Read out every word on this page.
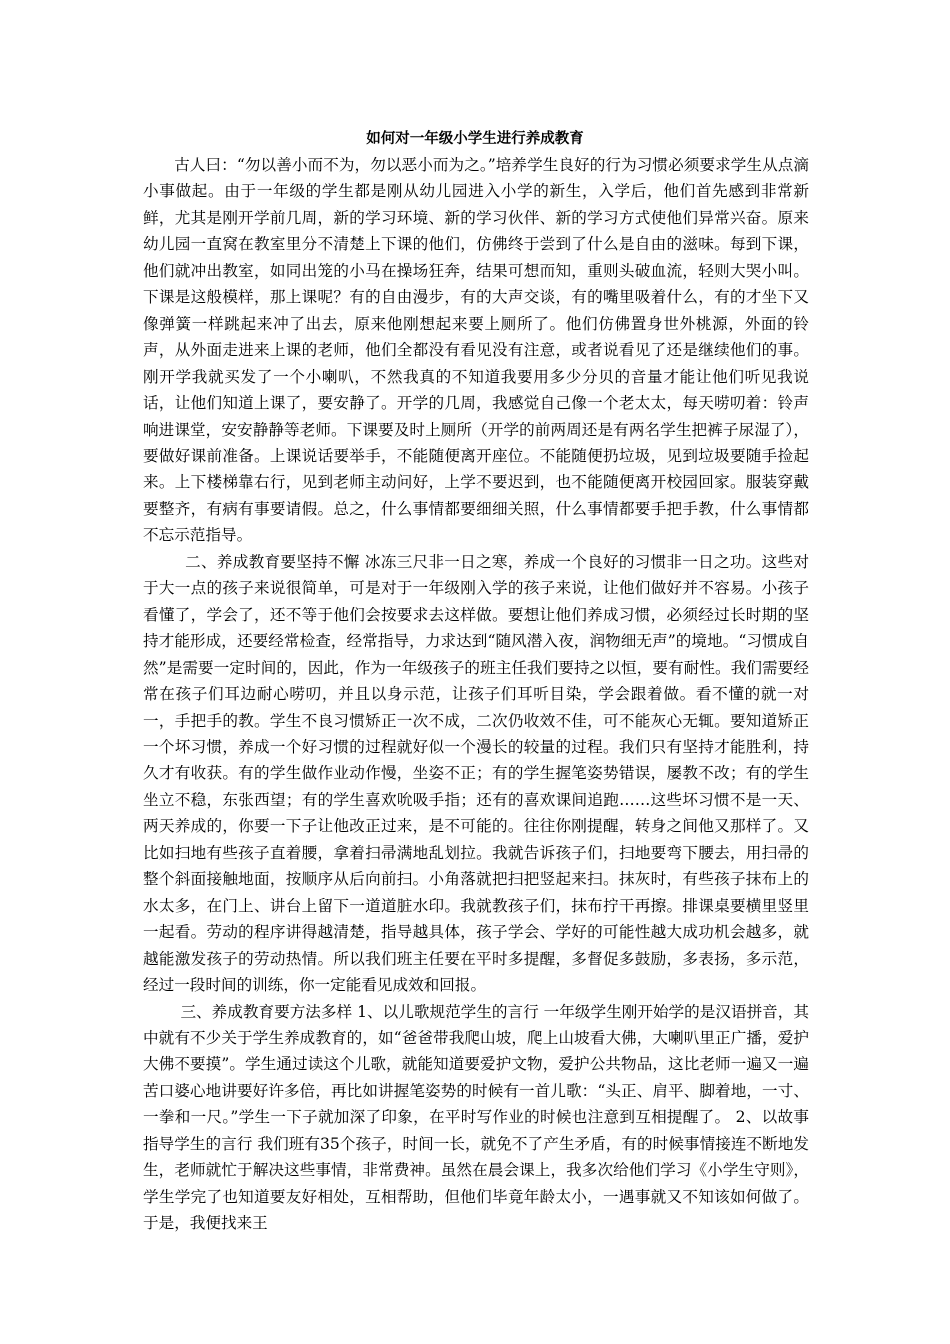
如何对一年级小学生进行养成教育

古人曰：“勿以善小而不为，勿以恶小而为之。”培养学生良好的行为习惯必须要求学生从点滴小事做起。由于一年级的学生都是刚从幼儿园进入小学的新生，入学后，他们首先感到非常新鲜，尤其是刚开学前几周，新的学习环境、新的学习伙伴、新的学习方式使他们异常兴奋。原来幼儿园一直窝在教室里分不清楚上下课的他们，仿佛终于尝到了什么是自由的滋味。每到下课，他们就冲出教室，如同出笼的小马在操场狂奔，结果可想而知，重则头破血流，轻则大哭小叫。下课是这般模样，那上课呢？有的自由漫步，有的大声交谈，有的嘴里吸着什么，有的才坐下又像弹簧一样跳起来冲了出去，原来他刚想起来要上厕所了。他们仿佛置身世外桃源，外面的铃声，从外面走进来上课的老师，他们全都没有看见没有注意，或者说看见了还是继续他们的事。刚开学我就买发了一个小喇叭，不然我真的不知道我要用多少分贝的音量才能让他们听见我说话，让他们知道上课了，要安静了。开学的几周，我感觉自己像一个老太太，每天唠叨着：铃声响进课堂，安安静静等老师。下课要及时上厕所（开学的前两周还是有两名学生把裤子尿湿了），要做好课前准备。上课说话要举手，不能随便离开座位。不能随便扔垃圾，见到垃圾要随手捡起来。上下楼梯靠右行，见到老师主动问好，上学不要迟到，也不能随便离开校园回家。服装穿戴要整齐，有病有事要请假。总之，什么事情都要细细关照，什么事情都要手把手教，什么事情都不忘示范指导。

二、养成教育要坚持不懈 冰冻三尺非一日之寒，养成一个良好的习惯非一日之功。这些对于大一点的孩子来说很简单，可是对于一年级刚入学的孩子来说，让他们做好并不容易。小孩子看懂了，学会了，还不等于他们会按要求去这样做。要想让他们养成习惯，必须经过长时期的坚持才能形成，还要经常检查，经常指导，力求达到“随风潜入夜，润物细无声”的境地。“习惯成自然”是需要一定时间的，因此，作为一年级孩子的班主任我们要持之以恒，要有耐性。我们需要经常在孩子们耳边耐心唠叨，并且以身示范，让孩子们耳听目染，学会跟着做。看不懂的就一对一，手把手的教。学生不良习惯矫正一次不成，二次仍收效不佳，可不能灰心无辄。要知道矫正一个坏习惯，养成一个好习惯的过程就好似一个漫长的较量的过程。我们只有坚持才能胜利，持久才有收获。有的学生做作业动作慢，坐姿不正；有的学生握笔姿势错误，屡教不改；有的学生坐立不稳，东张西望；有的学生喜欢吮吸手指；还有的喜欢课间追跑……这些坏习惯不是一天、两天养成的，你要一下子让他改正过来，是不可能的。往往你刚提醒，转身之间他又那样了。又比如扫地有些孩子直着腰，拿着扫帚满地乱划拉。我就告诉孩子们，扫地要弯下腰去，用扫帚的整个斜面接触地面，按顺序从后向前扫。小角落就把扫把竖起来扫。抹灰时，有些孩子抹布上的水太多，在门上、讲台上留下一道道脏水印。我就教孩子们，抹布拧干再擦。排课桌要横里竖里一起看。劳动的程序讲得越清楚，指导越具体，孩子学会、学好的可能性越大成功机会越多，就越能激发孩子的劳动热情。所以我们班主任要在平时多提醒，多督促多鼓励，多表扬，多示范，经过一段时间的训练，你一定能看见成效和回报。

三、养成教育要方法多样 1、以儿歌规范学生的言行 一年级学生刚开始学的是汉语拼音，其中就有不少关于学生养成教育的，如“爸爸带我爬山坡，爬上山坡看大佛，大喇叭里正广播，爱护大佛不要摸”。学生通过读这个儿歌，就能知道要爱护文物，爱护公共物品，这比老师一遍又一遍苦口婆心地讲要好许多倍，再比如讲握笔姿势的时候有一首儿歌：“头正、肩平、脚着地，一寸、一拳和一尺。”学生一下子就加深了印象，在平时写作业的时候也注意到互相提醒了。 2、以故事指导学生的言行 我们班有35个孩子，时间一长，就免不了产生矛盾，有的时候事情接连不断地发生，老师就忙于解决这些事情，非常费神。虽然在晨会课上，我多次给他们学习《小学生守则》，学生学完了也知道要友好相处，互相帮助，但他们毕竟年龄太小，一遇事就又不知该如何做了。于是，我便找来王
